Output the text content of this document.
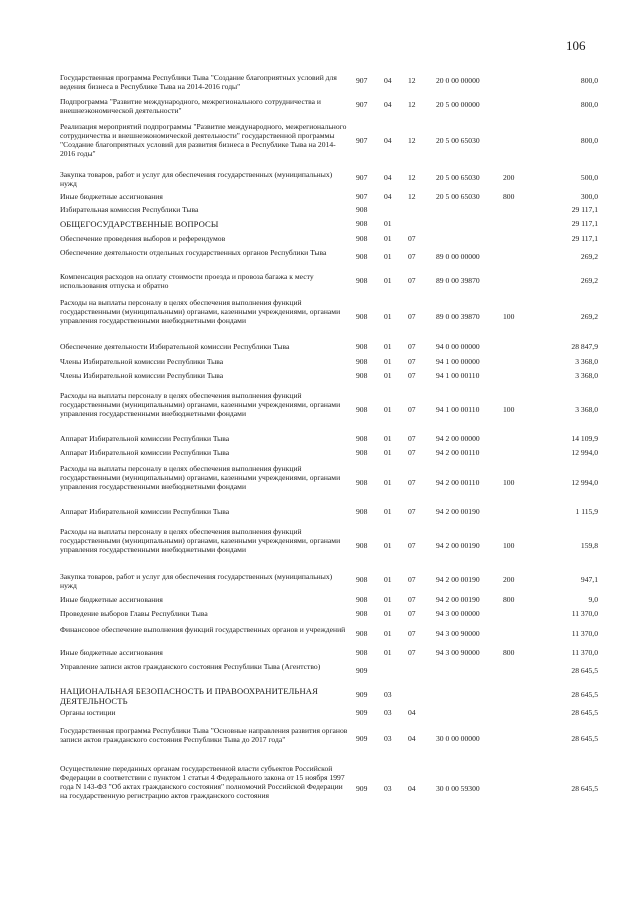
106
Государственная программа Республики Тыва "Создание благоприятных условий для ведения бизнеса в Республике Тыва на 2014-2016 годы"
907 04 12	20 0 00 00000	800,0
Подпрограмма "Развитие международного, межрегионального сотрудничества и внешнеэкономической деятельности"
907 04 12	20 5 00 00000	800,0
Реализация мероприятий подпрограммы "Развитие международного, межрегионального сотрудничества и внешнеэкономической деятельности" государственной программы "Создание благоприятных условий для развития бизнеса в Республике Тыва на 2014-2016 годы"
907 04 12	20 5 00 65030	800,0
Закупка товаров, работ и услуг для обеспечения государственных (муниципальных) нужд
907 04 12	20 5 00 65030	200	500,0
Иные бюджетные ассигнования	907 04 12	20 5 00 65030	800	300,0
Избирательная комиссия Республики Тыва	908	29 117,1
ОБЩЕГОСУДАРСТВЕННЫЕ ВОПРОСЫ	908 01	29 117,1
Обеспечение проведения выборов и референдумов	908 01 07	29 117,1
Обеспечение деятельности отдельных государственных органов Республики Тыва	908 01 07	89 0 00 00000	269,2
Компенсация расходов на оплату стоимости проезда и провоза багажа к месту использования отпуска и обратно
908 01 07	89 0 00 39870	269,2
Расходы на выплаты персоналу в целях обеспечения выполнения функций государственными (муниципальными) органами, казенными учреждениями, органами управления государственными внебюджетными фондами	908 01 07	89 0 00 39870	100	269,2
Обеспечение деятельности Избирательной комиссии Республики Тыва	908 01 07	94 0 00 00000	28 847,9
Члены Избирательной комиссии Республики Тыва	908 01 07	94 1 00 00000	3 368,0
Члены Избирательной комиссии Республики Тыва	908 01 07	94 1 00 00110	3 368,0
Расходы на выплаты персоналу в целях обеспечения выполнения функций государственными (муниципальными) органами, казенными учреждениями, органами управления государственными внебюджетными фондами	908 01 07	94 1 00 00110	100	3 368,0
Аппарат Избирательной комиссии Республики Тыва	908 01 07	94 2 00 00000	14 109,9
Аппарат Избирательной комиссии Республики Тыва	908 01 07	94 2 00 00110	12 994,0
Расходы на выплаты персоналу в целях обеспечения выполнения функций государственными (муниципальными) органами, казенными учреждениями, органами управления государственными внебюджетными фондами	908 01 07	94 2 00 00110	100	12 994,0
Аппарат Избирательной комиссии Республики Тыва	908 01 07	94 2 00 00190	1 115,9
Расходы на выплаты персоналу в целях обеспечения выполнения функций государственными (муниципальными) органами, казенными учреждениями, органами управления государственными внебюджетными фондами	908 01 07	94 2 00 00190	100	159,8
Закупка товаров, работ и услуг для обеспечения государственных (муниципальных) нужд
908 01 07	94 2 00 00190	200	947,1
Иные бюджетные ассигнования	908 01 07	94 2 00 00190	800	9,0
Проведение выборов Главы Республики Тыва	908 01 07	94 3 00 00000	11 370,0
Финансовое обеспечение выполнения функций государственных органов и учреждений	908 01 07	94 3 00 90000	11 370,0
Иные бюджетные ассигнования	908 01 07	94 3 00 90000	800	11 370,0
Управление записи актов гражданского состояния Республики Тыва (Агентство)	909	28 645,5
НАЦИОНАЛЬНАЯ БЕЗОПАСНОСТЬ И ПРАВООХРАНИТЕЛЬНАЯ ДЕЯТЕЛЬНОСТЬ
909 03	28 645,5
Органы юстиции	909 03 04	28 645,5
Государственная программа Республики Тыва "Основные направления развития органов записи актов гражданского состояния Республики Тыва до 2017 года"	909 03 04	30 0 00 00000	28 645,5
Осуществление переданных органам государственной власти субъектов Российской Федерации в соответствии с пунктом 1 статьи 4 Федерального закона от 15 ноября 1997 года N 143-ФЗ "Об актах гражданского состояния" полномочий Российской Федерации на государственную регистрацию актов гражданского состояния
909 03 04	30 0 00 59300	28 645,5
